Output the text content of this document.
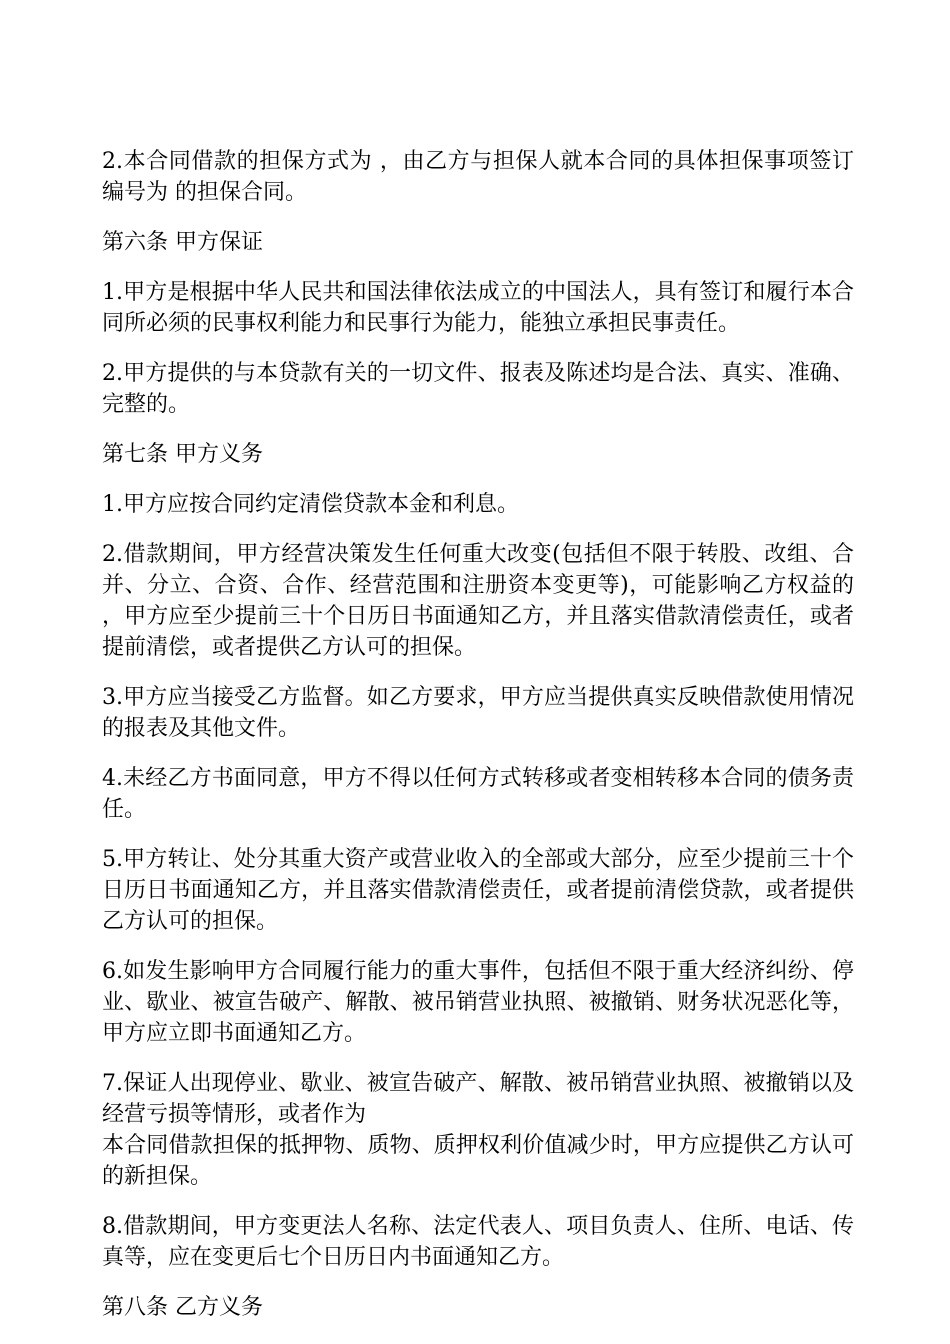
2.本合同借款的担保方式为 ，由乙方与担保人就本合同的具体担保事项签订编号为 的担保合同。

第六条 甲方保证

1.甲方是根据中华人民共和国法律依法成立的中国法人，具有签订和履行本合同所必须的民事权利能力和民事行为能力，能独立承担民事责任。

2.甲方提供的与本贷款有关的一切文件、报表及陈述均是合法、真实、准确、完整的。

第七条 甲方义务

1.甲方应按合同约定清偿贷款本金和利息。

2.借款期间，甲方经营决策发生任何重大改变(包括但不限于转股、改组、合并、分立、合资、合作、经营范围和注册资本变更等)，可能影响乙方权益的 ，甲方应至少提前三十个日历日书面通知乙方，并且落实借款清偿责任，或者提前清偿，或者提供乙方认可的担保。

3.甲方应当接受乙方监督。如乙方要求，甲方应当提供真实反映借款使用情况的报表及其他文件。

4.未经乙方书面同意，甲方不得以任何方式转移或者变相转移本合同的债务责任。

5.甲方转让、处分其重大资产或营业收入的全部或大部分，应至少提前三十个日历日书面通知乙方，并且落实借款清偿责任，或者提前清偿贷款，或者提供乙方认可的担保。

6.如发生影响甲方合同履行能力的重大事件，包括但不限于重大经济纠纷、停业、歇业、被宣告破产、解散、被吊销营业执照、被撤销、财务状况恶化等，甲方应立即书面通知乙方。

7.保证人出现停业、歇业、被宣告破产、解散、被吊销营业执照、被撤销以及经营亏损等情形，或者作为
本合同借款担保的抵押物、质物、质押权利价值减少时，甲方应提供乙方认可的新担保。

8.借款期间，甲方变更法人名称、法定代表人、项目负责人、住所、电话、传真等，应在变更后七个日历日内书面通知乙方。

第八条 乙方义务
